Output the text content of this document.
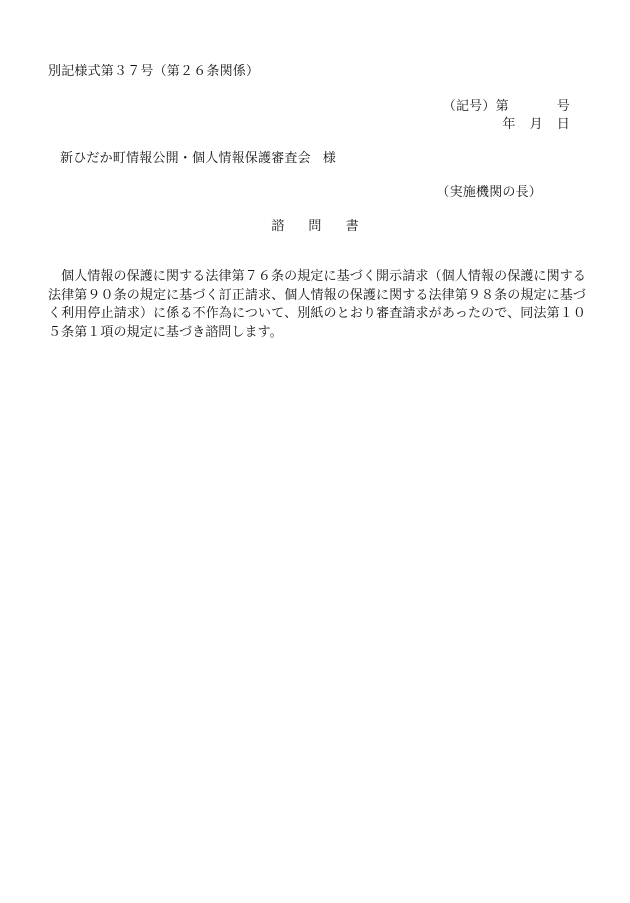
別記様式第３７号（第２６条関係）
（記号）第	号
年 月 日
新ひだか町情報公開・個人情報保護審査会 様
（実施機関の長）
諮 問 書
個人情報の保護に関する法律第７６条の規定に基づく開示請求（個人情報の保護に関する法律第９０条の規定に基づく訂正請求、個人情報の保護に関する法律第９８条の規定に基づく利用停止請求）に係る不作為について、別紙のとおり審査請求があったので、同法第１０５条第１項の規定に基づき諮問します。
